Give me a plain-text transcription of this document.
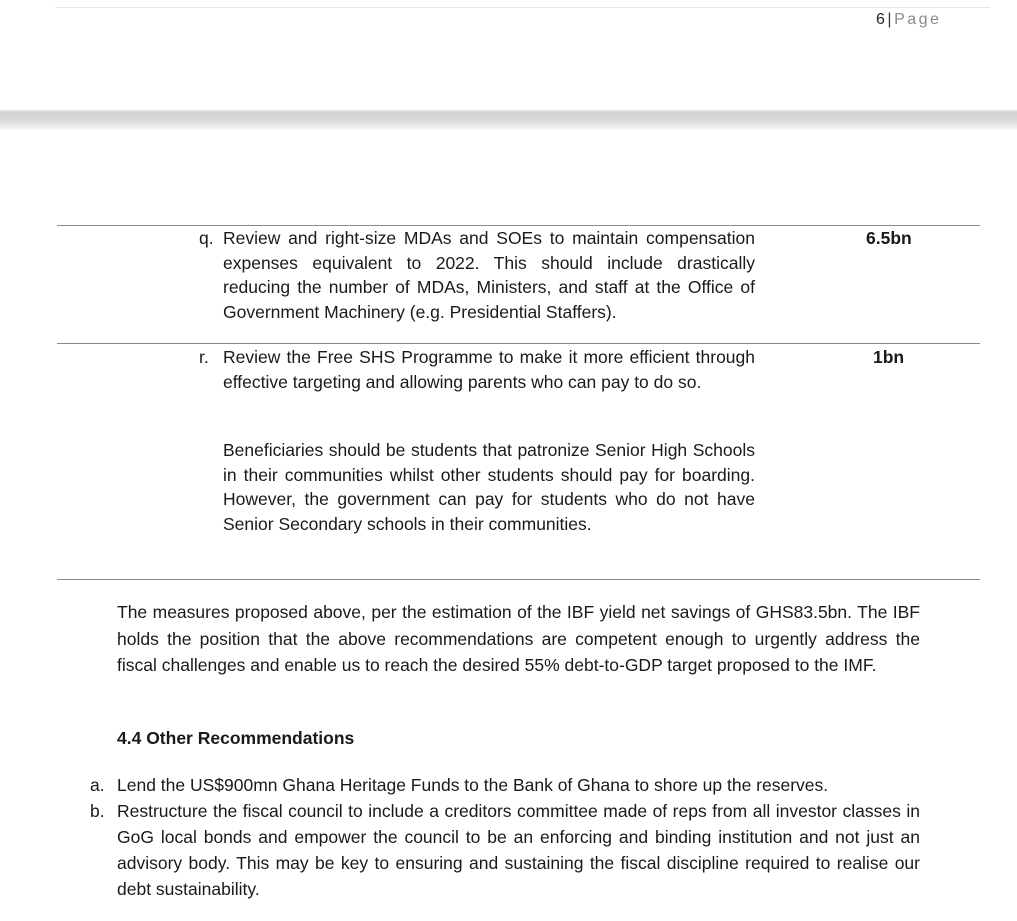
6 | Page
q. Review and right-size MDAs and SOEs to maintain compensation expenses equivalent to 2022. This should include drastically reducing the number of MDAs, Ministers, and staff at the Office of Government Machinery (e.g. Presidential Staffers).
6.5bn
r. Review the Free SHS Programme to make it more efficient through effective targeting and allowing parents who can pay to do so.
Beneficiaries should be students that patronize Senior High Schools in their communities whilst other students should pay for boarding. However, the government can pay for students who do not have Senior Secondary schools in their communities.
1bn
The measures proposed above, per the estimation of the IBF yield net savings of GHS83.5bn. The IBF holds the position that the above recommendations are competent enough to urgently address the fiscal challenges and enable us to reach the desired 55% debt-to-GDP target proposed to the IMF.
4.4 Other Recommendations
a. Lend the US$900mn Ghana Heritage Funds to the Bank of Ghana to shore up the reserves.
b. Restructure the fiscal council to include a creditors committee made of reps from all investor classes in GoG local bonds and empower the council to be an enforcing and binding institution and not just an advisory body. This may be key to ensuring and sustaining the fiscal discipline required to realise our debt sustainability.
